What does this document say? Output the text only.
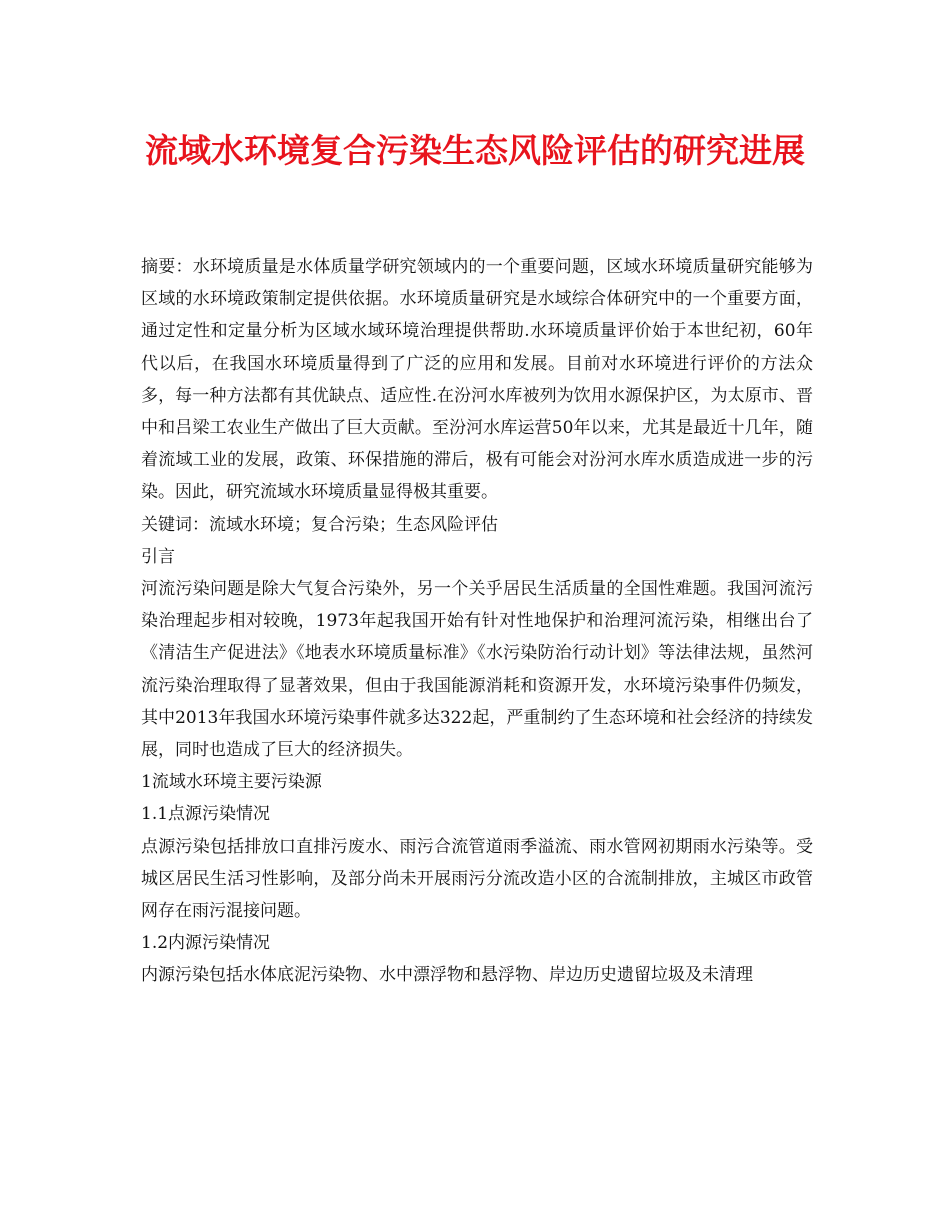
流域水环境复合污染生态风险评估的研究进展

摘要：水环境质量是水体质量学研究领域内的一个重要问题，区域水环境质量研究能够为区域的水环境政策制定提供依据。水环境质量研究是水域综合体研究中的一个重要方面，通过定性和定量分析为区域水域环境治理提供帮助.水环境质量评价始于本世纪初，60年代以后，在我国水环境质量得到了广泛的应用和发展。目前对水环境进行评价的方法众多，每一种方法都有其优缺点、适应性.在汾河水库被列为饮用水源保护区，为太原市、晋中和吕梁工农业生产做出了巨大贡献。至汾河水库运营50年以来，尤其是最近十几年，随着流域工业的发展，政策、环保措施的滞后，极有可能会对汾河水库水质造成进一步的污染。因此，研究流域水环境质量显得极其重要。

关键词：流域水环境；复合污染；生态风险评估

引言

河流污染问题是除大气复合污染外，另一个关乎居民生活质量的全国性难题。我国河流污染治理起步相对较晚，1973年起我国开始有针对性地保护和治理河流污染，相继出台了《清洁生产促进法》《地表水环境质量标准》《水污染防治行动计划》等法律法规，虽然河流污染治理取得了显著效果，但由于我国能源消耗和资源开发，水环境污染事件仍频发，其中2013年我国水环境污染事件就多达322起，严重制约了生态环境和社会经济的持续发展，同时也造成了巨大的经济损失。

1流域水环境主要污染源

1.1点源污染情况

点源污染包括排放口直排污废水、雨污合流管道雨季溢流、雨水管网初期雨水污染等。受城区居民生活习性影响，及部分尚未开展雨污分流改造小区的合流制排放，主城区市政管网存在雨污混接问题。

1.2内源污染情况

内源污染包括水体底泥污染物、水中漂浮物和悬浮物、岸边历史遗留垃圾及未清理
